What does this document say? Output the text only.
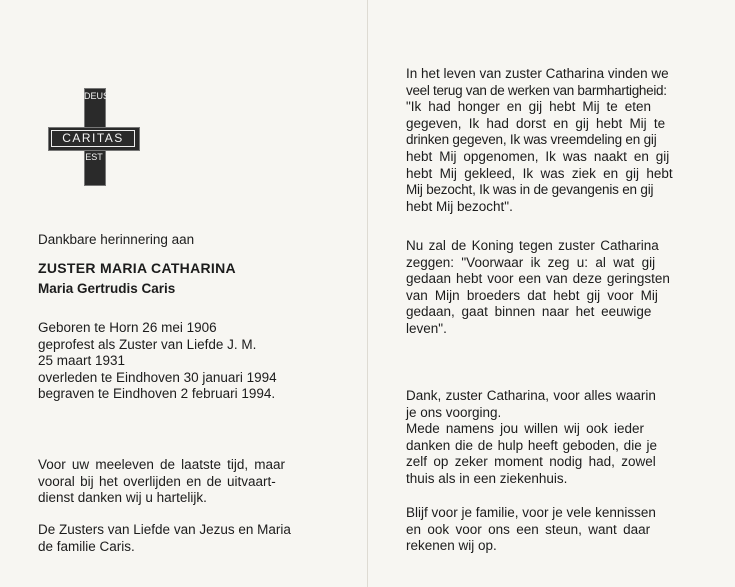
DEUS
EST
CARITAS
Dankbare herinnering aan
ZUSTER MARIA CATHARINA
Maria Gertrudis Caris
Geboren te Horn 26 mei 1906
geprofest als Zuster van Liefde J. M.
25 maart 1931
overleden te Eindhoven 30 januari 1994
begraven te Eindhoven 2 februari 1994.
Voor uw meeleven de laatste tijd, maar
vooral bij het overlijden en de uitvaart-
dienst danken wij u hartelijk.
De Zusters van Liefde van Jezus en Maria
de familie Caris.
In het leven van zuster Catharina vinden we
veel terug van de werken van barmhartigheid:
"Ik had honger en gij hebt Mij te eten
gegeven, Ik had dorst en gij hebt Mij te
drinken gegeven, Ik was vreemdeling en gij
hebt Mij opgenomen, Ik was naakt en gij
hebt Mij gekleed, Ik was ziek en gij hebt
Mij bezocht, Ik was in de gevangenis en gij
hebt Mij bezocht".
Nu zal de Koning tegen zuster Catharina
zeggen: "Voorwaar ik zeg u: al wat gij
gedaan hebt voor een van deze geringsten
van Mijn broeders dat hebt gij voor Mij
gedaan, gaat binnen naar het eeuwige
leven".
Dank, zuster Catharina, voor alles waarin
je ons voorging.
Mede namens jou willen wij ook ieder
danken die de hulp heeft geboden, die je
zelf op zeker moment nodig had, zowel
thuis als in een ziekenhuis.
Blijf voor je familie, voor je vele kennissen
en ook voor ons een steun, want daar
rekenen wij op.
